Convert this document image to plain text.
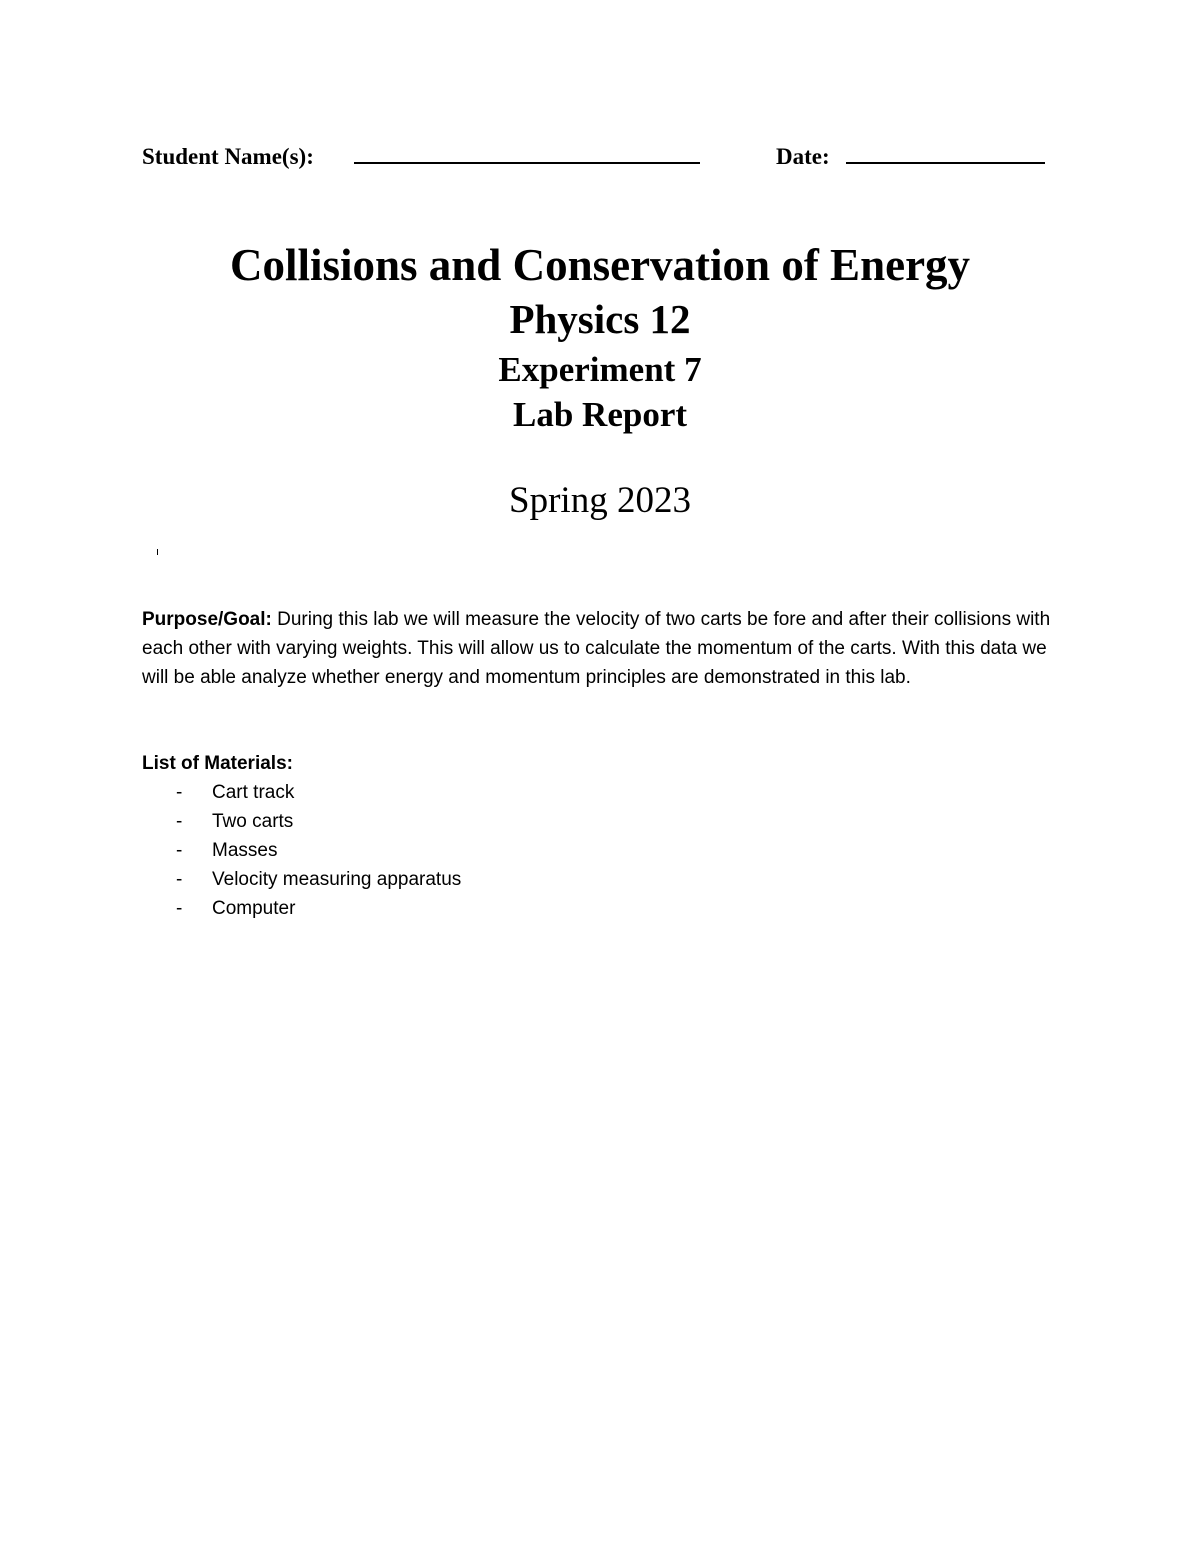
Student Name(s):	Date:
Collisions and Conservation of Energy
Physics 12
Experiment 7
Lab Report
Spring 2023
Purpose/Goal: During this lab we will measure the velocity of two carts be fore and after their collisions with each other with varying weights. This will allow us to calculate the momentum of the carts. With this data we will be able analyze whether energy and momentum principles are demonstrated in this lab.
List of Materials:
- Cart track
- Two carts
- Masses
- Velocity measuring apparatus
- Computer
